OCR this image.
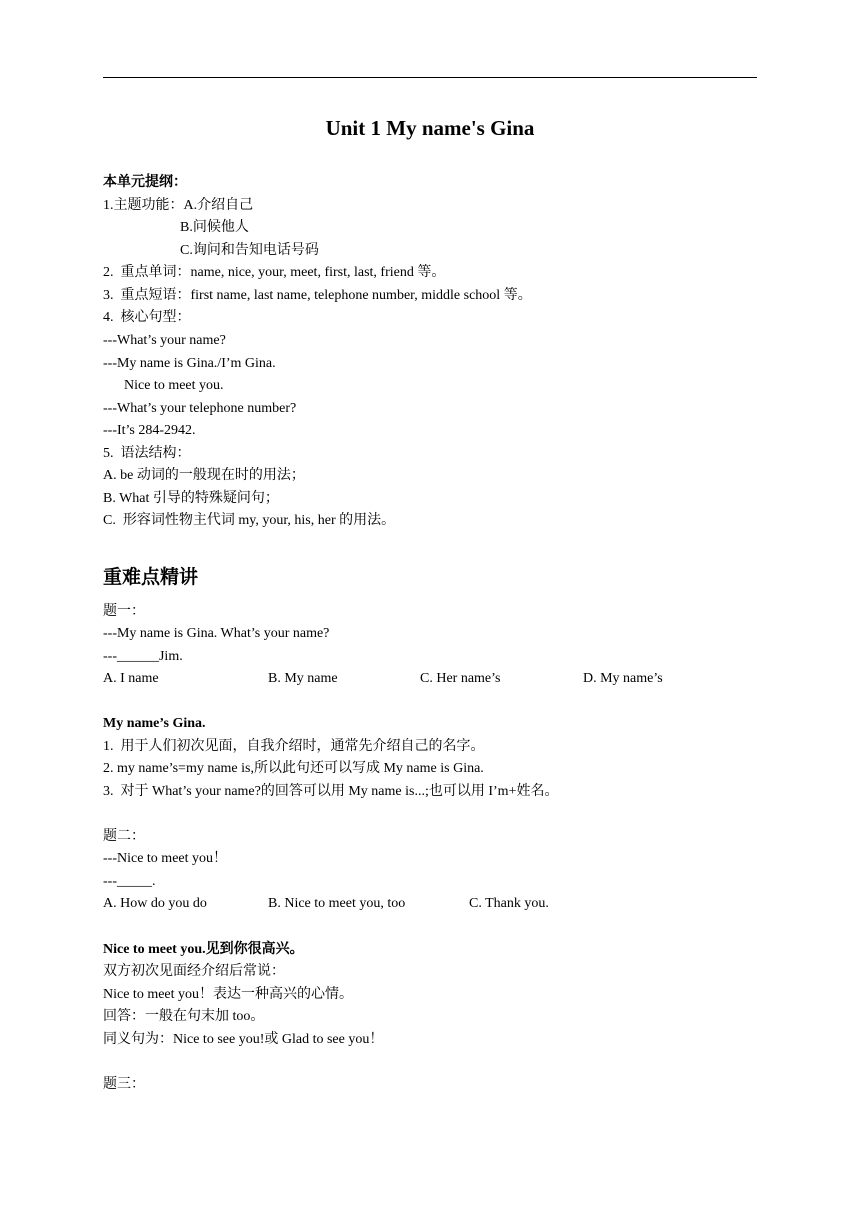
Unit 1 My name's Gina

本单元提纲：

1.主题功能：A.介绍自己

B.问候他人

C.询问和告知电话号码

2.  重点单词：name, nice, your, meet, first, last, friend 等。

3.  重点短语：first name, last name, telephone number, middle school 等。

4.  核心句型：

---What’s your name?

---My name is Gina./I’m Gina.

Nice to meet you.

---What’s your telephone number?

---It’s 284-2942.

5.  语法结构：

A. be 动词的一般现在时的用法；

B. What 引导的特殊疑问句；

C.  形容词性物主代词 my, your, his, her 的用法。

重难点精讲

题一：

---My name is Gina. What’s your name?

---______Jim.

A. I name	B. My name	C. Her name’s	D. My name’s

My name’s Gina.

1.  用于人们初次见面，自我介绍时，通常先介绍自己的名字。

2. my name’s=my name is,所以此句还可以写成 My name is Gina.

3.  对于 What’s your name?的回答可以用 My name is...;也可以用 I’m+姓名。

题二：

---Nice to meet you！

---_____.

A. How do you do	B. Nice to meet you, too	C. Thank you.

Nice to meet you.见到你很高兴。

双方初次见面经介绍后常说：

Nice to meet you！表达一种高兴的心情。

回答：一般在句末加 too。

同义句为：Nice to see you!或 Glad to see you！

题三：
